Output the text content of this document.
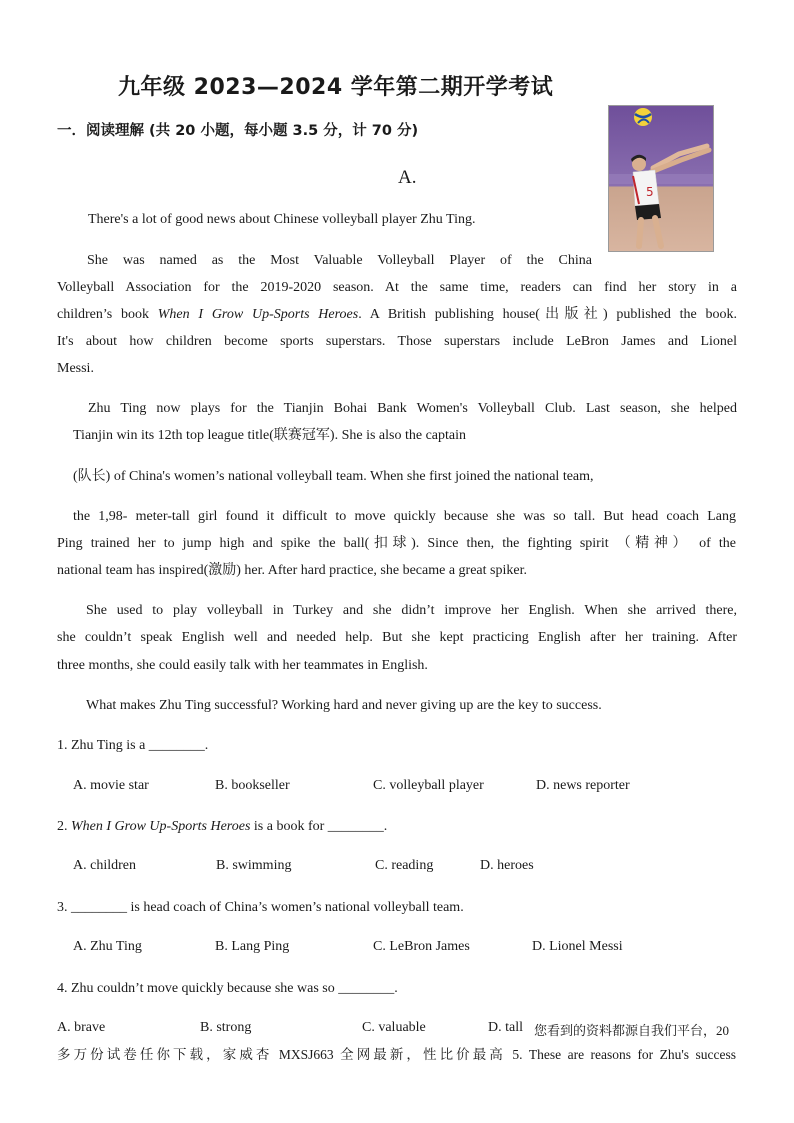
九年级 2023—2024 学年第二期开学考试
一．阅读理解 (共 20 小题，每小题 3.5 分，计 70 分)
A.
5
There's a lot of good news about Chinese volleyball player Zhu Ting.
She was named as the Most Valuable Volleyball Player of the China
Volleyball Association for the 2019-2020 season. At the same time, readers can find her story in a
children’s book When I Grow Up-Sports Heroes. A British publishing house(出版社) published the book.
It's about how children become sports superstars. Those superstars include LeBron James and Lionel
Messi.
Zhu Ting now plays for the Tianjin Bohai Bank Women's Volleyball Club. Last season, she helped
Tianjin win its 12th top league title(联赛冠军). She is also the captain
(队长) of China's women’s national volleyball team. When she first joined the national team,
the 1,98- meter-tall girl found it difficult to move quickly because she was so tall. But head coach Lang
Ping trained her to jump high and spike the ball(扣球). Since then, the fighting spirit （精神） of the
national team has inspired(激励) her. After hard practice, she became a great spiker.
She used to play volleyball in Turkey and she didn’t improve her English. When she arrived there,
she couldn’t speak English well and needed help. But she kept practicing English after her training. After
three months, she could easily talk with her teammates in English.
What makes Zhu Ting successful? Working hard and never giving up are the key to success.
1. Zhu Ting is a ________.
A. movie star	B. bookseller	C. volleyball player	D. news reporter
2. When I Grow Up-Sports Heroes is a book for ________.
A. children	B. swimming	C. reading	D. heroes
3. ________ is head coach of China’s women’s national volleyball team.
A. Zhu Ting	B. Lang Ping	C. LeBron James	D. Lionel Messi
4. Zhu couldn’t move quickly because she was so ________.
A. brave	B. strong	C. valuable	D. tall 您看到的资料都源自我们平台，20
多万份试卷任你下载，家威杏 MXSJ663 全网最新，性比价最高 5. These are reasons for Zhu's success
